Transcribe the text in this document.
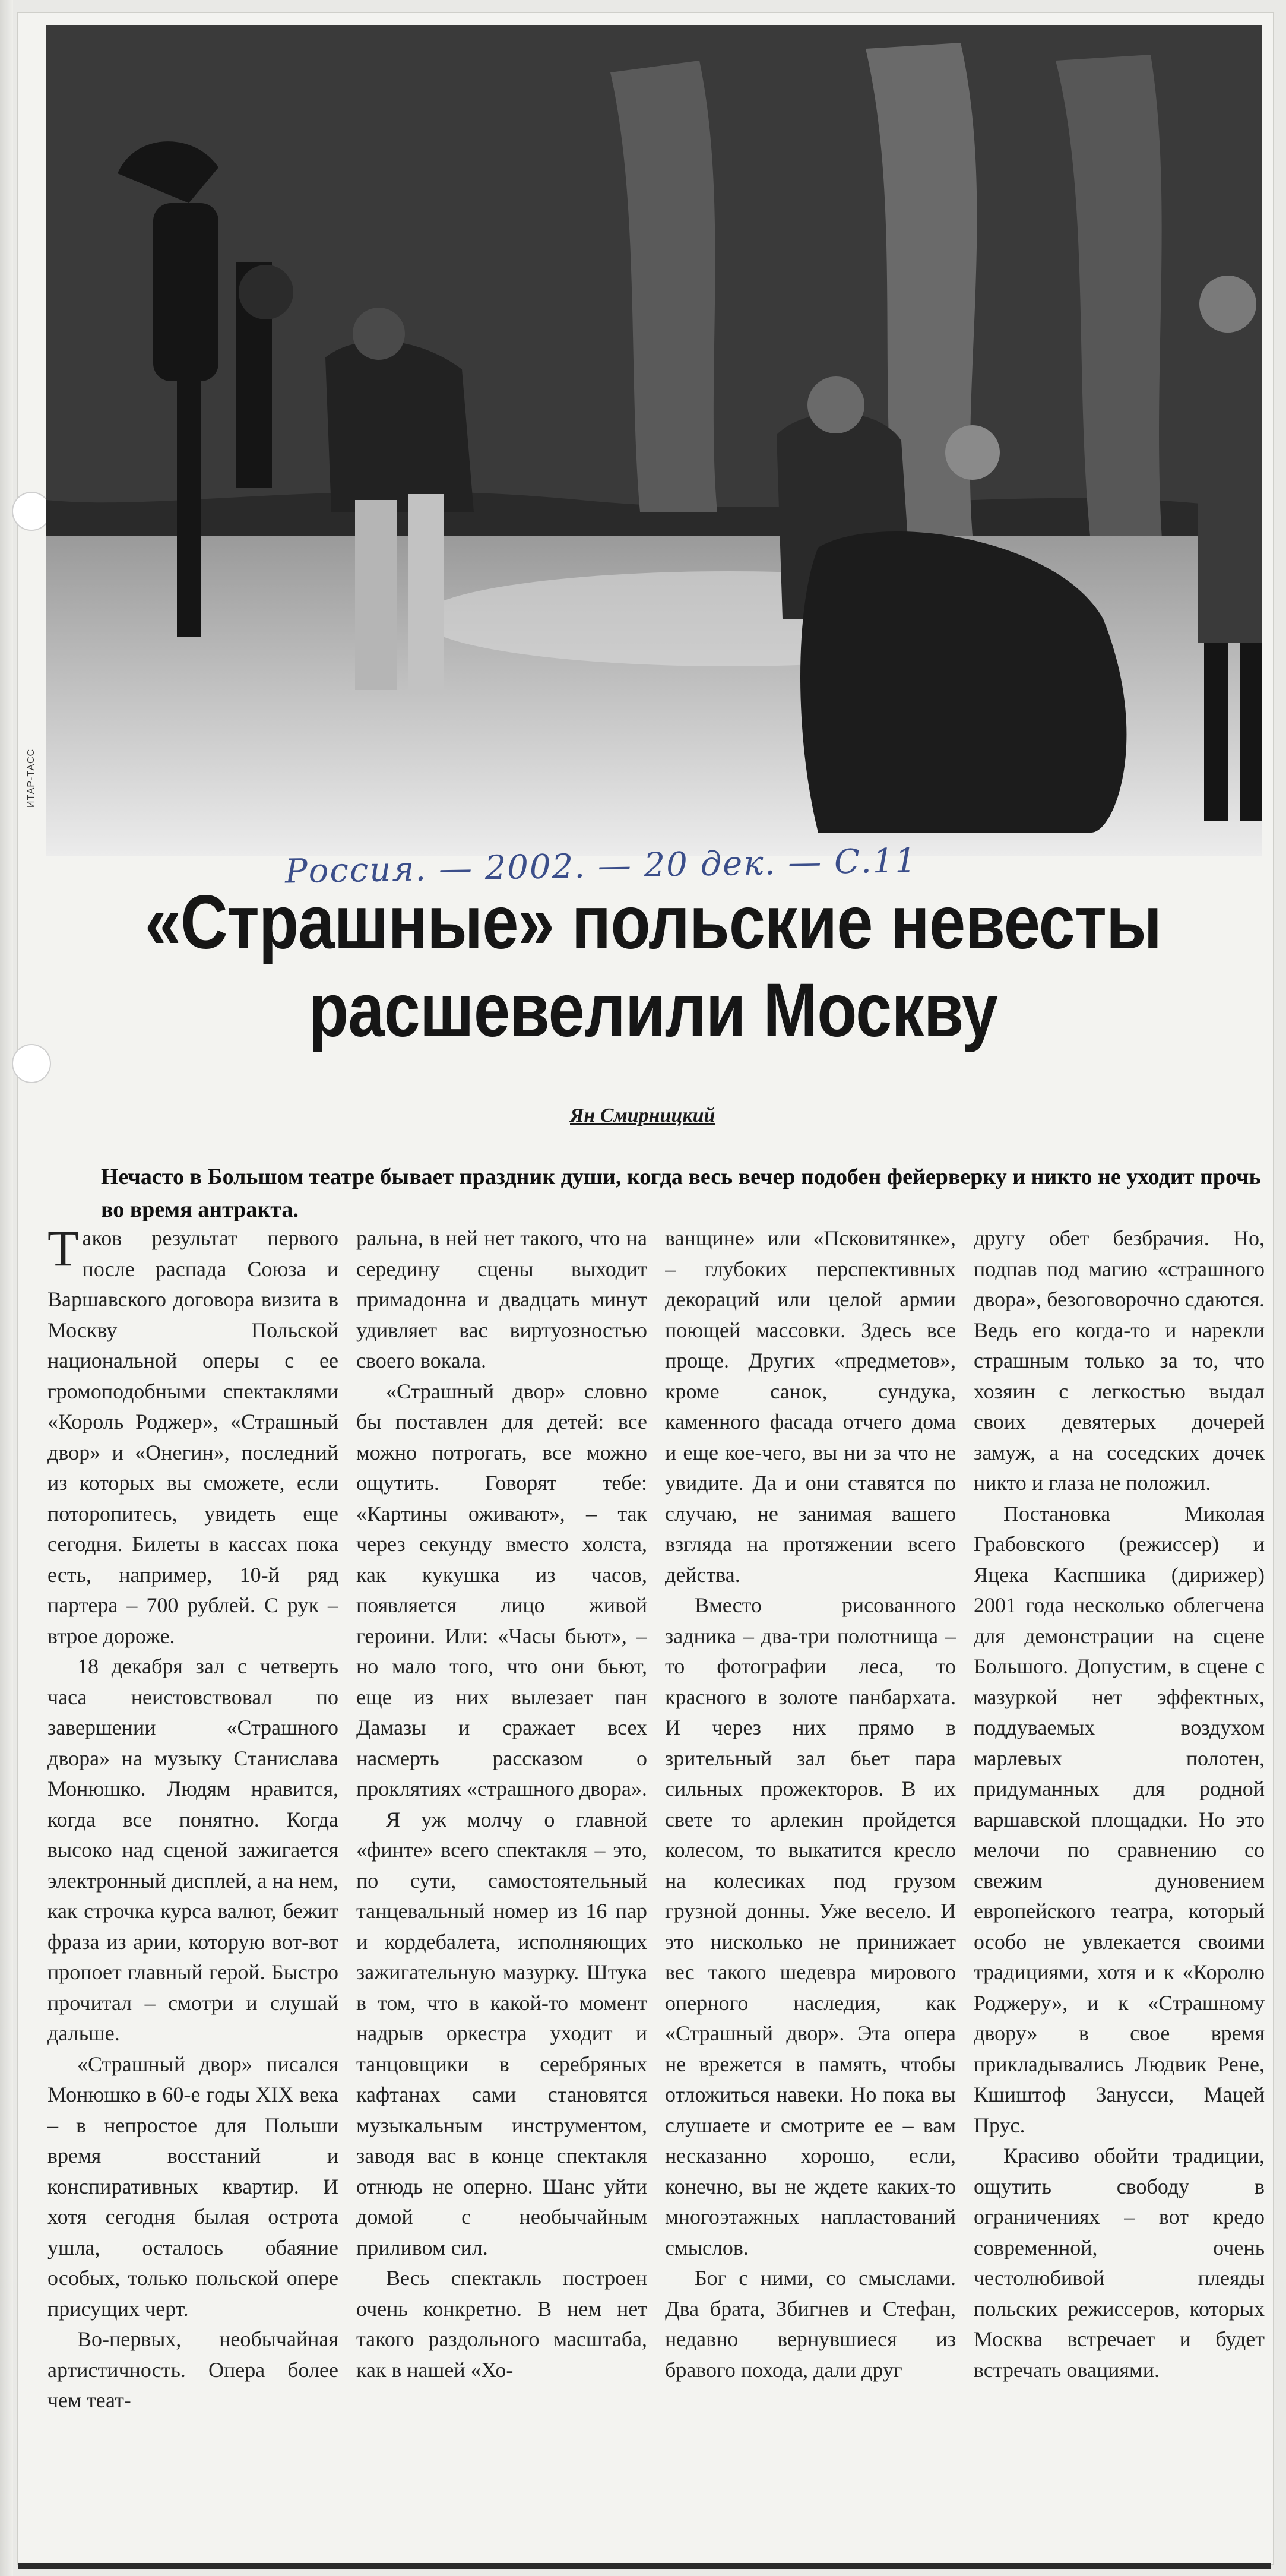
ИТАР-ТАСС
Россия. — 2002. — 20 дек. — С.11
«Страшные» польские невесты
расшевелили Москву
Ян Смирницкий
Нечасто в Большом театре бывает праздник души, когда весь вечер подобен фейерверку и никто не уходит прочь во время антракта.

Таков результат первого после распада Союза и Варшавского договора визита в Москву Польской национальной оперы с ее громоподобными спектаклями «Король Роджер», «Страшный двор» и «Онегин», последний из которых вы сможете, если поторопитесь, увидеть еще сегодня. Билеты в кассах пока есть, например, 10-й ряд партера – 700 рублей. С рук – втрое дороже.

18 декабря зал с четверть часа неистовствовал по завершении «Страшного двора» на музыку Станислава Монюшко. Людям нравится, когда все понятно. Когда высоко над сценой зажигается электронный дисплей, а на нем, как строчка курса валют, бежит фраза из арии, которую вот-вот пропоет главный герой. Быстро прочитал – смотри и слушай дальше.

«Страшный двор» писался Монюшко в 60-е годы XIX века – в непростое для Польши время восстаний и конспиративных квартир. И хотя сегодня былая острота ушла, осталось обаяние особых, только польской опере присущих черт.

Во-первых, необычайная артистичность. Опера более чем теат-

ральна, в ней нет такого, что на середину сцены выходит примадонна и двадцать минут удивляет вас виртуозностью своего вокала.

«Страшный двор» словно бы поставлен для детей: все можно потрогать, все можно ощутить. Говорят тебе: «Картины оживают», – так через секунду вместо холста, как кукушка из часов, появляется лицо живой героини. Или: «Часы бьют», – но мало того, что они бьют, еще из них вылезает пан Дамазы и сражает всех насмерть рассказом о проклятиях «страшного двора».

Я уж молчу о главной «финте» всего спектакля – это, по сути, самостоятельный танцевальный номер из 16 пар и кордебалета, исполняющих зажигательную мазурку. Штука в том, что в какой-то момент надрыв оркестра уходит и танцовщики в серебряных кафтанах сами становятся музыкальным инструментом, заводя вас в конце спектакля отнюдь не оперно. Шанс уйти домой с необычайным приливом сил.

Весь спектакль построен очень конкретно. В нем нет такого раздольного масштаба, как в нашей «Хо-

ванщине» или «Псковитянке», – глубоких перспективных декораций или целой армии поющей массовки. Здесь все проще. Других «предметов», кроме санок, сундука, каменного фасада отчего дома и еще кое-чего, вы ни за что не увидите. Да и они ставятся по случаю, не занимая вашего взгляда на протяжении всего действа.

Вместо рисованного задника – два-три полотнища – то фотографии леса, то красного в золоте панбархата. И через них прямо в зрительный зал бьет пара сильных прожекторов. В их свете то арлекин пройдется колесом, то выкатится кресло на колесиках под грузом грузной донны. Уже весело. И это нисколько не принижает вес такого шедевра мирового оперного наследия, как «Страшный двор». Эта опера не врежется в память, чтобы отложиться навеки. Но пока вы слушаете и смотрите ее – вам несказанно хорошо, если, конечно, вы не ждете каких-то многоэтажных напластований смыслов.

Бог с ними, со смыслами. Два брата, Збигнев и Стефан, недавно вернувшиеся из бравого похода, дали друг

другу обет безбрачия. Но, подпав под магию «страшного двора», безоговорочно сдаются. Ведь его когда-то и нарекли страшным только за то, что хозяин с легкостью выдал своих девятерых дочерей замуж, а на соседских дочек никто и глаза не положил.

Постановка Миколая Грабовского (режиссер) и Яцека Каспшика (дирижер) 2001 года несколько облегчена для демонстрации на сцене Большого. Допустим, в сцене с мазуркой нет эффектных, поддуваемых воздухом марлевых полотен, придуманных для родной варшавской площадки. Но это мелочи по сравнению со свежим дуновением европейского театра, который особо не увлекается своими традициями, хотя и к «Королю Роджеру», и к «Страшному двору» в свое время прикладывались Людвик Рене, Кшиштоф Занусси, Мацей Прус.

Красиво обойти традиции, ощутить свободу в ограничениях – вот кредо современной, очень честолюбивой плеяды польских режиссеров, которых Москва встречает и будет встречать овациями.
